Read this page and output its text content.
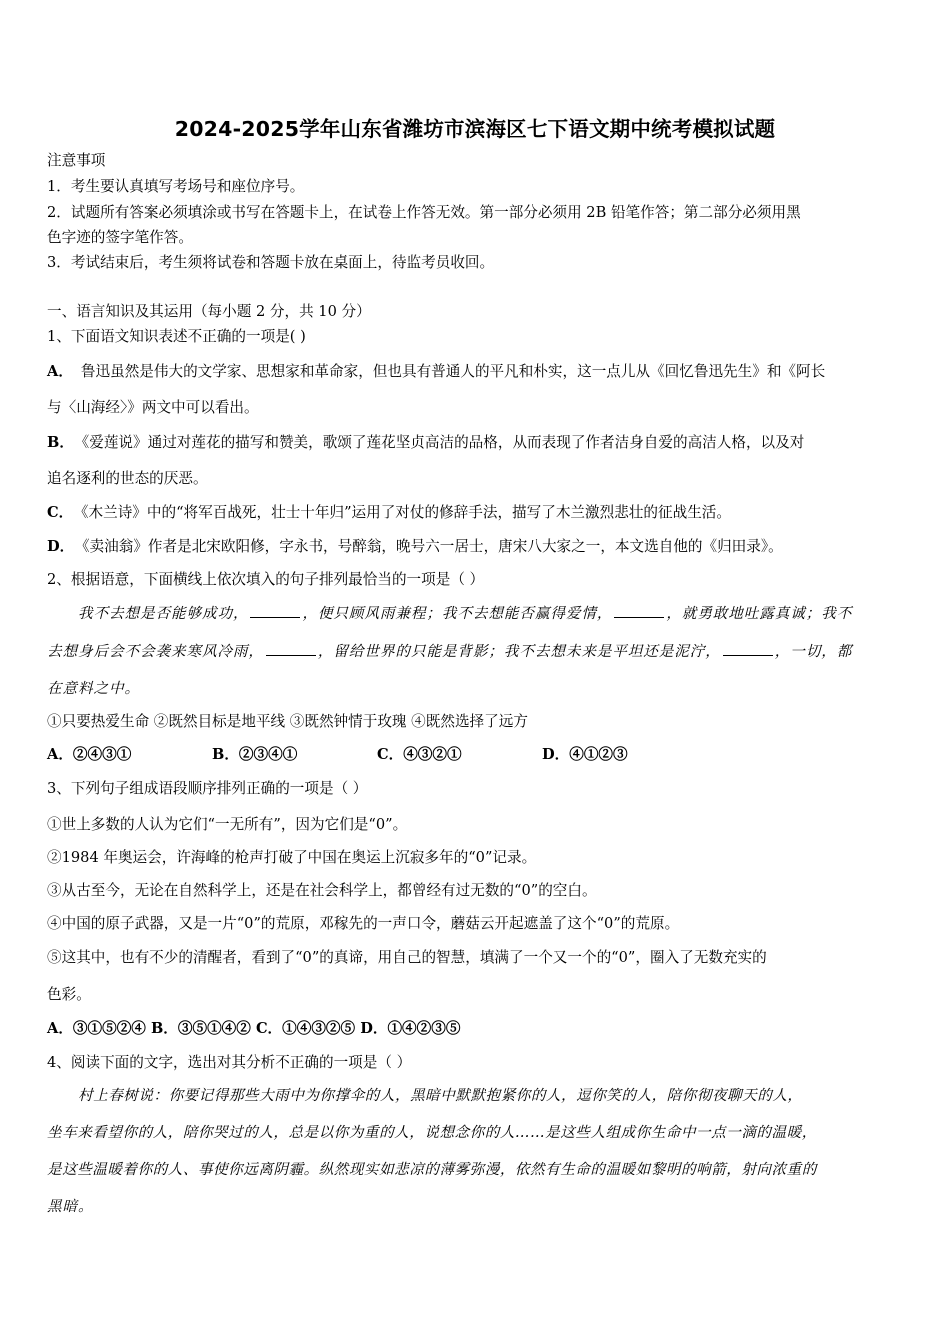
2024-2025学年山东省潍坊市滨海区七下语文期中统考模拟试题
注意事项
1．考生要认真填写考场号和座位序号。
2．试题所有答案必须填涂或书写在答题卡上，在试卷上作答无效。第一部分必须用 2B 铅笔作答；第二部分必须用黑
色字迹的签字笔作答。
3．考试结束后，考生须将试卷和答题卡放在桌面上，待监考员收回。
一、语言知识及其运用（每小题 2 分，共 10 分）
1、下面语文知识表述不正确的一项是( )
A． 鲁迅虽然是伟大的文学家、思想家和革命家，但也具有普通人的平凡和朴实，这一点儿从《回忆鲁迅先生》和《阿长
与〈山海经〉》两文中可以看出。
B． 《爱莲说》通过对莲花的描写和赞美，歌颂了莲花坚贞高洁的品格，从而表现了作者洁身自爱的高洁人格，以及对
追名逐利的世态的厌恶。
C． 《木兰诗》中的“将军百战死，壮士十年归”运用了对仗的修辞手法，描写了木兰激烈悲壮的征战生活。
D． 《卖油翁》作者是北宋欧阳修，字永书，号醉翁，晚号六一居士，唐宋八大家之一，本文选自他的《归田录》。
2、根据语意，下面横线上依次填入的句子排列最恰当的一项是（ ）
我不去想是否能够成功，	，便只顾风雨兼程；我不去想能否赢得爱情，	，就勇敢地吐露真诚；我不
去想身后会不会袭来寒风冷雨，	，留给世界的只能是背影；我不去想未来是平坦还是泥泞，	，一切，都
在意料之中。
①只要热爱生命 ②既然目标是地平线 ③既然钟情于玫瑰 ④既然选择了远方
A．②④③①	B．②③④①	C．④③②①	D．④①②③
3、下列句子组成语段顺序排列正确的一项是（ ）
①世上多数的人认为它们“一无所有”，因为它们是“0”。
②1984 年奥运会，许海峰的枪声打破了中国在奥运上沉寂多年的“0”记录。
③从古至今，无论在自然科学上，还是在社会科学上，都曾经有过无数的“0”的空白。
④中国的原子武器，又是一片“0”的荒原，邓稼先的一声口令，蘑菇云开起遮盖了这个“0”的荒原。
⑤这其中，也有不少的清醒者，看到了“0”的真谛，用自己的智慧，填满了一个又一个的“0”，圈入了无数充实的
色彩。
A．③①⑤②④ B．③⑤①④② C．①④③②⑤ D．①④②③⑤
4、阅读下面的文字，选出对其分析不正确的一项是（ ）
村上春树说：你要记得那些大雨中为你撑伞的人，黑暗中默默抱紧你的人，逗你笑的人，陪你彻夜聊天的人，
坐车来看望你的人，陪你哭过的人，总是以你为重的人，说想念你的人……是这些人组成你生命中一点一滴的温暖，
是这些温暖着你的人、事使你远离阴霾。纵然现实如悲凉的薄雾弥漫，依然有生命的温暖如黎明的响箭，射向浓重的
黑暗。
